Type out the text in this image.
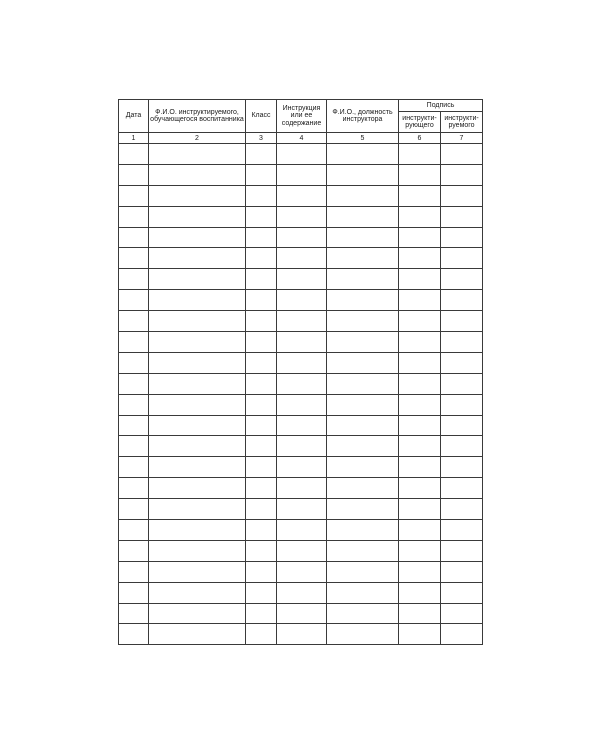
Дата	Ф.И.О. инструктируемого, обучающегося воспитанника	Класс	Инструкция или ее содержание	Ф.И.О., должность инструктора	Подпись	
					инструкти-рующего	инструкти-руемого
1	2	3	4	5	6	7
